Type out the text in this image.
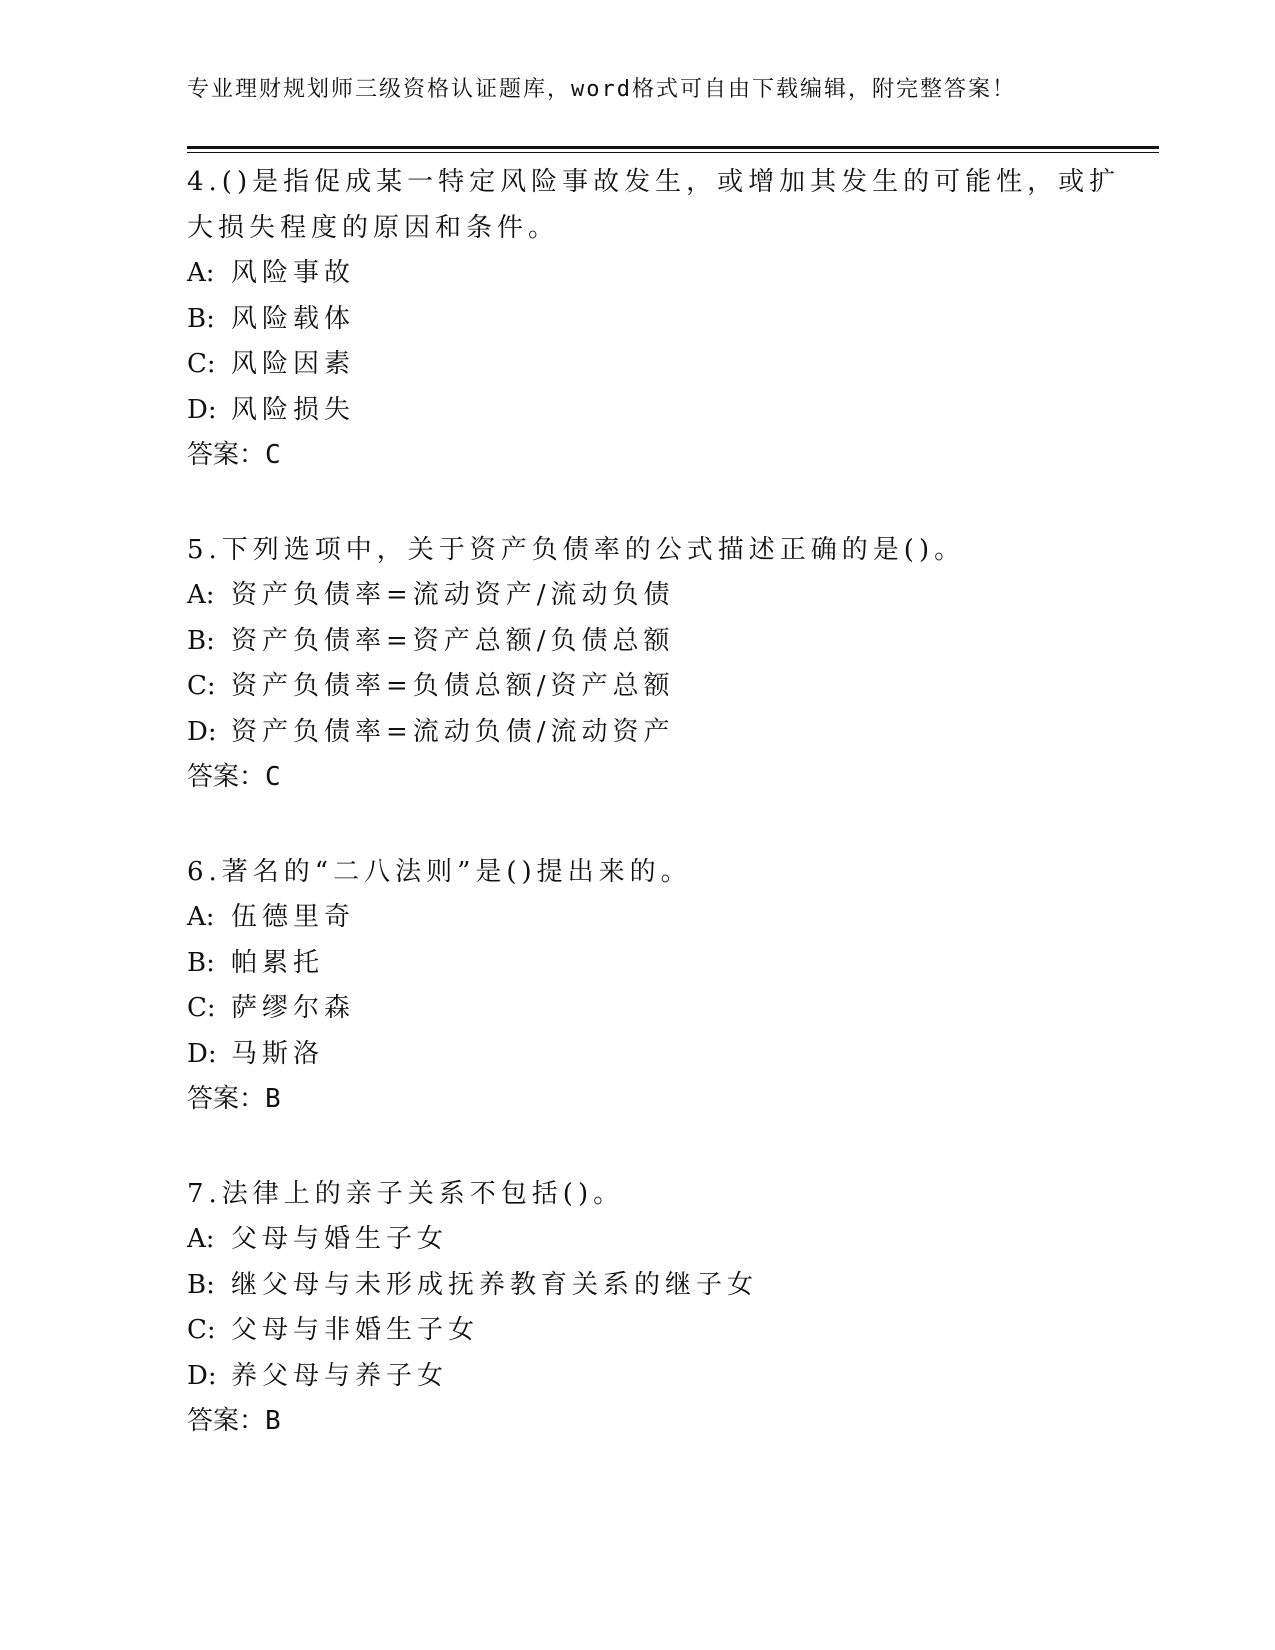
专业理财规划师三级资格认证题库，word格式可自由下载编辑，附完整答案！
4.()是指促成某一特定风险事故发生，或增加其发生的可能性，或扩
大损失程度的原因和条件。
A: 风险事故
B: 风险载体
C: 风险因素
D: 风险损失
答案：C
5.下列选项中，关于资产负债率的公式描述正确的是()。
A: 资产负债率=流动资产/流动负债
B: 资产负债率=资产总额/负债总额
C: 资产负债率=负债总额/资产总额
D: 资产负债率=流动负债/流动资产
答案：C
6.著名的“二八法则”是()提出来的。
A: 伍德里奇
B: 帕累托
C: 萨缪尔森
D: 马斯洛
答案：B
7.法律上的亲子关系不包括()。
A: 父母与婚生子女
B: 继父母与未形成抚养教育关系的继子女
C: 父母与非婚生子女
D: 养父母与养子女
答案：B
